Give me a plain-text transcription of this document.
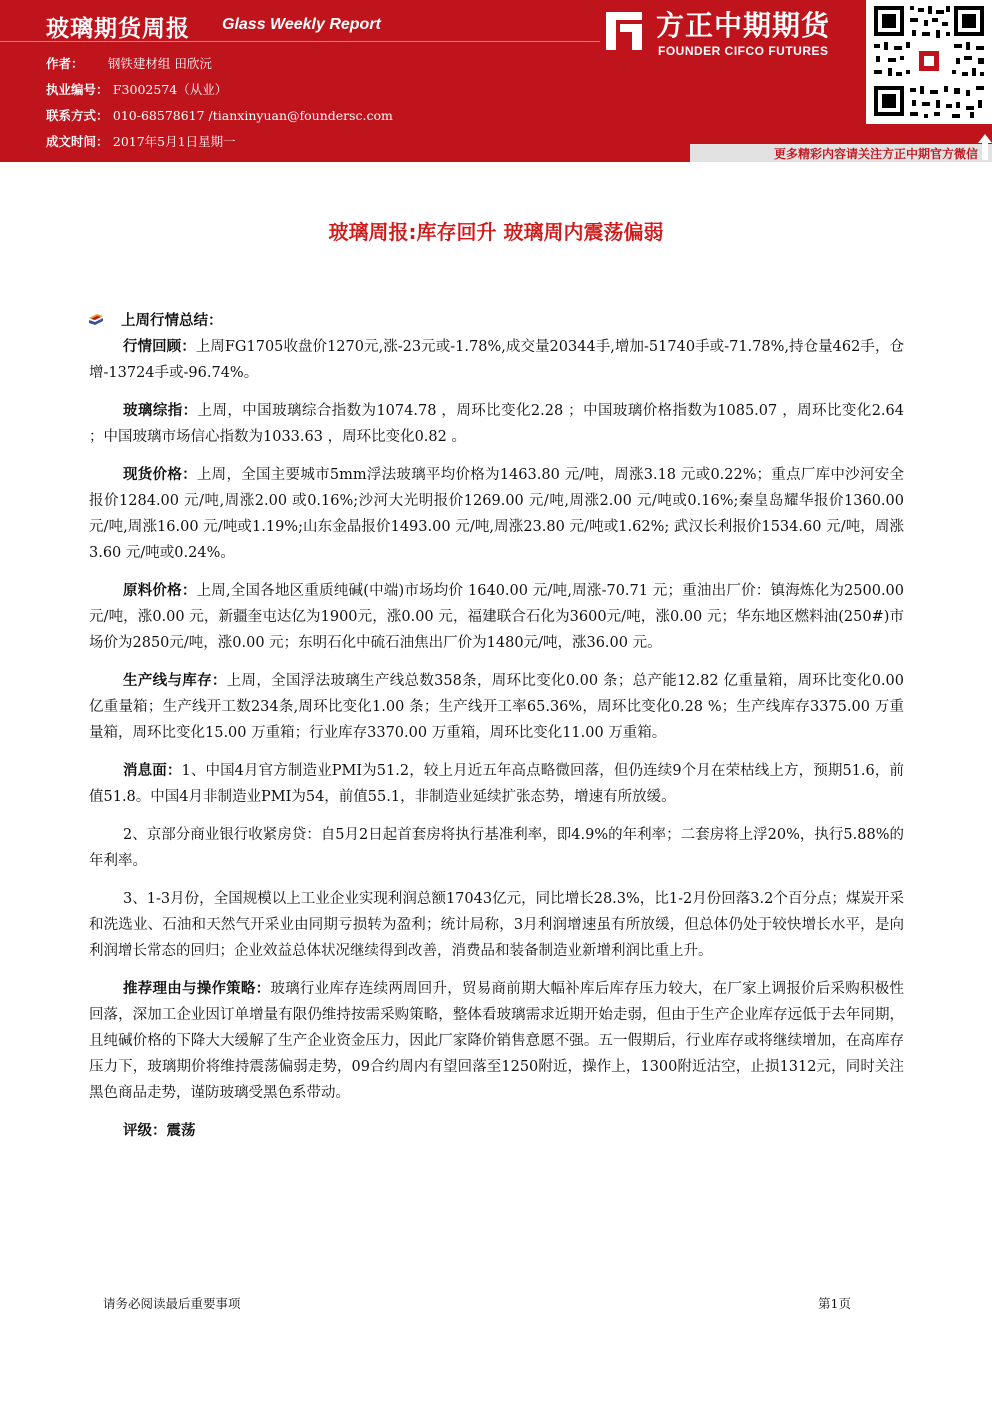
玻璃期货周报 Glass Weekly Report
作者： 钢铁建材组 田欣沅
执业编号： F3002574（从业）
联系方式： 010-68578617 /tianxinyuan@foundersc.com
成文时间： 2017年5月1日星期一
方正中期期货
FOUNDER CIFCO FUTURES
更多精彩内容请关注方正中期官方微信
玻璃周报:库存回升 玻璃周内震荡偏弱
上周行情总结：

行情回顾：上周FG1705收盘价1270元,涨-23元或-1.78%,成交量20344手,增加-51740手或-71.78%,持仓量462手，仓增-13724手或-96.74%。

玻璃综指：上周，中国玻璃综合指数为1074.78 ，周环比变化2.28 ；中国玻璃价格指数为1085.07 ，周环比变化2.64 ；中国玻璃市场信心指数为1033.63 ，周环比变化0.82 。

现货价格：上周，全国主要城市5mm浮法玻璃平均价格为1463.80 元/吨，周涨3.18 元或0.22%；重点厂库中沙河安全报价1284.00 元/吨,周涨2.00 或0.16%;沙河大光明报价1269.00 元/吨,周涨2.00 元/吨或0.16%;秦皇岛耀华报价1360.00 元/吨,周涨16.00 元/吨或1.19%;山东金晶报价1493.00 元/吨,周涨23.80 元/吨或1.62%; 武汉长利报价1534.60 元/吨，周涨3.60 元/吨或0.24%。

原料价格：上周,全国各地区重质纯碱(中端)市场均价 1640.00 元/吨,周涨-70.71 元；重油出厂价：镇海炼化为2500.00 元/吨，涨0.00 元，新疆奎屯达亿为1900元，涨0.00 元，福建联合石化为3600元/吨，涨0.00 元；华东地区燃料油(250#)市场价为2850元/吨，涨0.00 元；东明石化中硫石油焦出厂价为1480元/吨，涨36.00 元。

生产线与库存：上周，全国浮法玻璃生产线总数358条，周环比变化0.00 条；总产能12.82 亿重量箱，周环比变化0.00 亿重量箱；生产线开工数234条,周环比变化1.00 条；生产线开工率65.36%，周环比变化0.28 %；生产线库存3375.00 万重量箱，周环比变化15.00 万重箱；行业库存3370.00 万重箱，周环比变化11.00 万重箱。

消息面：1、中国4月官方制造业PMI为51.2，较上月近五年高点略微回落，但仍连续9个月在荣枯线上方，预期51.6，前值51.8。中国4月非制造业PMI为54，前值55.1，非制造业延续扩张态势，增速有所放缓。

2、京部分商业银行收紧房贷：自5月2日起首套房将执行基准利率，即4.9%的年利率；二套房将上浮20%，执行5.88%的年利率。

3、1-3月份，全国规模以上工业企业实现利润总额17043亿元，同比增长28.3%，比1-2月份回落3.2个百分点；煤炭开采和洗选业、石油和天然气开采业由同期亏损转为盈利；统计局称，3月利润增速虽有所放缓，但总体仍处于较快增长水平，是向利润增长常态的回归；企业效益总体状况继续得到改善，消费品和装备制造业新增利润比重上升。

推荐理由与操作策略：玻璃行业库存连续两周回升，贸易商前期大幅补库后库存压力较大，在厂家上调报价后采购积极性回落，深加工企业因订单增量有限仍维持按需采购策略，整体看玻璃需求近期开始走弱，但由于生产企业库存远低于去年同期，且纯碱价格的下降大大缓解了生产企业资金压力，因此厂家降价销售意愿不强。五一假期后，行业库存或将继续增加，在高库存压力下，玻璃期价将维持震荡偏弱走势，09合约周内有望回落至1250附近，操作上，1300附近沽空，止损1312元，同时关注黑色商品走势，谨防玻璃受黑色系带动。

评级：震荡
请务必阅读最后重要事项	第1页
